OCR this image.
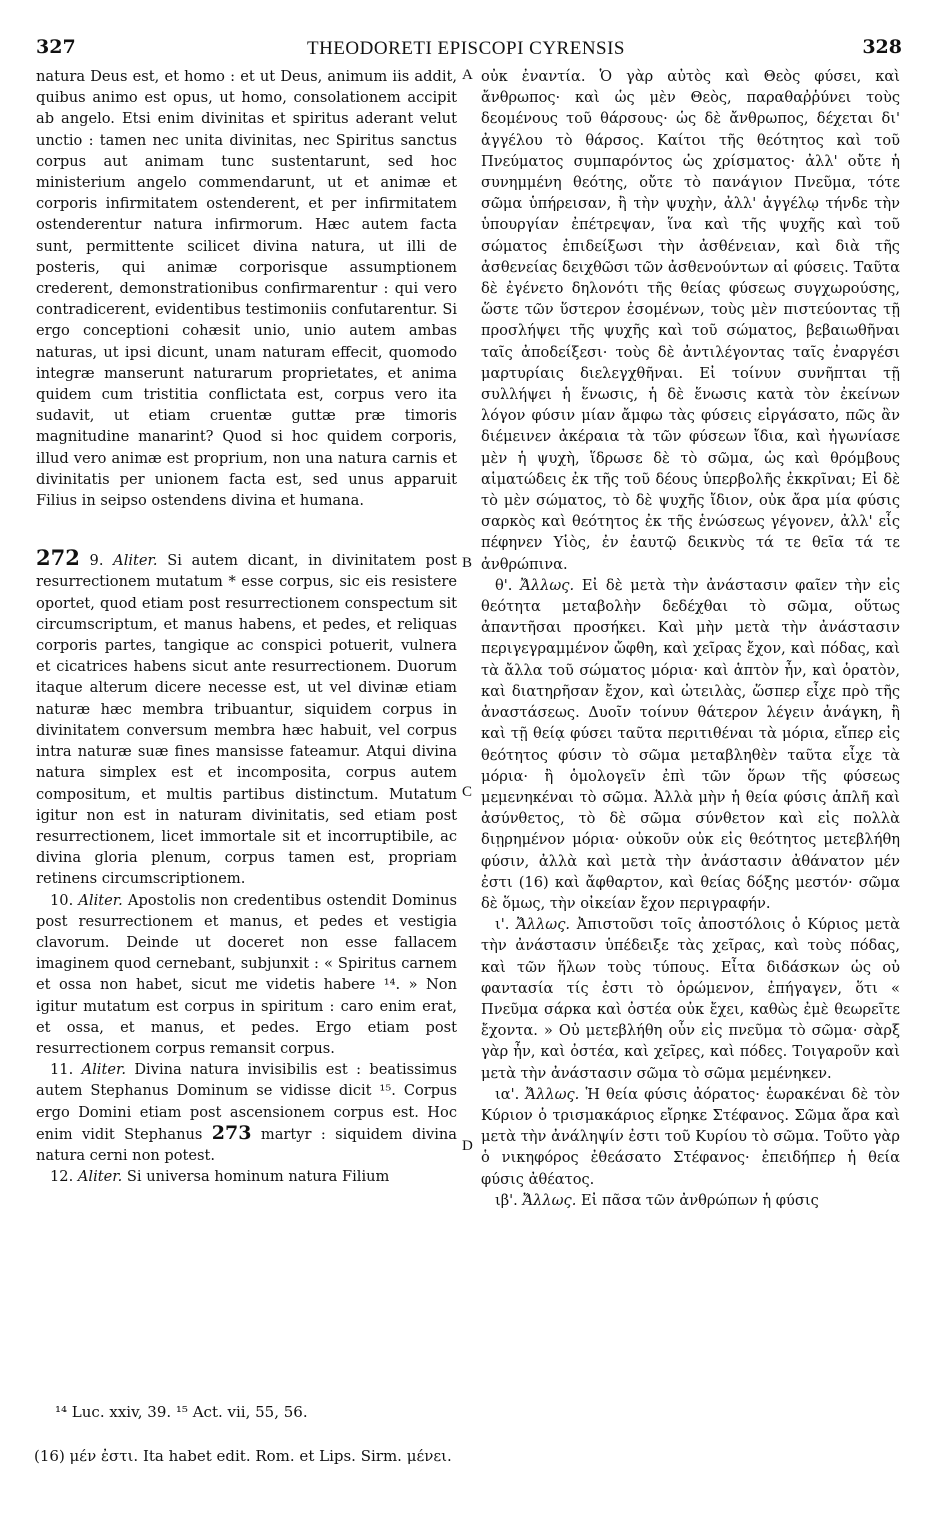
327	THEODORETI EPISCOPI CYRENSIS	328
A
B
C
D

natura Deus est, et homo : et ut Deus, animum iis addit, quibus animo est opus, ut homo, consolationem accipit ab angelo. Etsi enim divinitas et spiritus aderant velut unctio : tamen nec unita divinitas, nec Spiritus sanctus corpus aut animam tunc sustentarunt, sed hoc ministerium angelo commendarunt, ut et animæ et corporis infirmitatem ostenderent, et per infirmitatem ostenderentur natura infirmorum. Hæc autem facta sunt, permittente scilicet divina natura, ut illi de posteris, qui animæ corporisque assumptionem crederent, demonstrationibus confirmarentur : qui vero contradicerent, evidentibus testimoniis confutarentur. Si ergo conceptioni cohæsit unio, unio autem ambas naturas, ut ipsi dicunt, unam naturam effecit, quomodo integræ manserunt naturarum proprietates, et anima quidem cum tristitia conflictata est, corpus vero ita sudavit, ut etiam cruentæ guttæ præ timoris magnitudine manarint? Quod si hoc quidem corporis, illud vero animæ est proprium, non una natura carnis et divinitatis per unionem facta est, sed unus apparuit Filius in seipso ostendens divina et humana.

272 9. Aliter. Si autem dicant, in divinitatem post resurrectionem mutatum * esse corpus, sic eis resistere oportet, quod etiam post resurrectionem conspectum sit circumscriptum, et manus habens, et pedes, et reliquas corporis partes, tangique ac conspici potuerit, vulnera et cicatrices habens sicut ante resurrectionem. Duorum itaque alterum dicere necesse est, ut vel divinæ etiam naturæ hæc membra tribuantur, siquidem corpus in divinitatem conversum membra hæc habuit, vel corpus intra naturæ suæ fines mansisse fateamur. Atqui divina natura simplex est et incomposita, corpus autem compositum, et multis partibus distinctum. Mutatum igitur non est in naturam divinitatis, sed etiam post resurrectionem, licet immortale sit et incorruptibile, ac divina gloria plenum, corpus tamen est, propriam retinens circumscriptionem.

10. Aliter. Apostolis non credentibus ostendit Dominus post resurrectionem et manus, et pedes et vestigia clavorum. Deinde ut doceret non esse fallacem imaginem quod cernebant, subjunxit : « Spiritus carnem et ossa non habet, sicut me videtis habere ¹⁴. » Non igitur mutatum est corpus in spiritum : caro enim erat, et ossa, et manus, et pedes. Ergo etiam post resurrectionem corpus remansit corpus.

11. Aliter. Divina natura invisibilis est : beatissimus autem Stephanus Dominum se vidisse dicit ¹⁵. Corpus ergo Domini etiam post ascensionem corpus est. Hoc enim vidit Stephanus 273 martyr : siquidem divina natura cerni non potest.

12. Aliter. Si universa hominum natura Filium

οὐκ ἐναντία. Ὁ γὰρ αὐτὸς καὶ Θεὸς φύσει, καὶ ἄνθρωπος· καὶ ὡς μὲν Θεὸς, παραθαῤῥύνει τοὺς δεομένους τοῦ θάρσους· ὡς δὲ ἄνθρωπος, δέχεται δι' ἀγγέλου τὸ θάρσος. Καίτοι τῆς θεότητος καὶ τοῦ Πνεύματος συμπαρόντος ὡς χρίσματος· ἀλλ' οὔτε ἡ συνημμένη θεότης, οὔτε τὸ πανάγιον Πνεῦμα, τότε σῶμα ὑπήρεισαν, ἢ τὴν ψυχὴν, ἀλλ' ἀγγέλῳ τήνδε τὴν ὑπουργίαν ἐπέτρεψαν, ἵνα καὶ τῆς ψυχῆς καὶ τοῦ σώματος ἐπιδείξωσι τὴν ἀσθένειαν, καὶ διὰ τῆς ἀσθενείας δειχθῶσι τῶν ἀσθενούντων αἱ φύσεις. Ταῦτα δὲ ἐγένετο δηλονότι τῆς θείας φύσεως συγχωρούσης, ὥστε τῶν ὕστερον ἐσομένων, τοὺς μὲν πιστεύοντας τῇ προσλήψει τῆς ψυχῆς καὶ τοῦ σώματος, βεβαιωθῆναι ταῖς ἀποδείξεσι· τοὺς δὲ ἀντιλέγοντας ταῖς ἐναργέσι μαρτυρίαις διελεγχθῆναι. Εἰ τοίνυν συνῆπται τῇ συλλήψει ἡ ἕνωσις, ἡ δὲ ἕνωσις κατὰ τὸν ἐκείνων λόγον φύσιν μίαν ἄμφω τὰς φύσεις εἰργάσατο, πῶς ἂν διέμεινεν ἀκέραια τὰ τῶν φύσεων ἴδια, καὶ ἠγωνίασε μὲν ἡ ψυχὴ, ἵδρωσε δὲ τὸ σῶμα, ὡς καὶ θρόμβους αἱματώδεις ἐκ τῆς τοῦ δέους ὑπερβολῆς ἐκκρῖναι; Εἰ δὲ τὸ μὲν σώματος, τὸ δὲ ψυχῆς ἴδιον, οὐκ ἄρα μία φύσις σαρκὸς καὶ θεότητος ἐκ τῆς ἑνώσεως γέγονεν, ἀλλ' εἷς πέφηνεν Υἱὸς, ἐν ἑαυτῷ δεικνὺς τά τε θεῖα τά τε ἀνθρώπινα.

θ'. Ἄλλως. Εἰ δὲ μετὰ τὴν ἀνάστασιν φαῖεν τὴν εἰς θεότητα μεταβολὴν δεδέχθαι τὸ σῶμα, οὕτως ἀπαντῆσαι προσήκει. Καὶ μὴν μετὰ τὴν ἀνάστασιν περιγεγραμμένον ὤφθη, καὶ χεῖρας ἔχον, καὶ πόδας, καὶ τὰ ἄλλα τοῦ σώματος μόρια· καὶ ἁπτὸν ἦν, καὶ ὁρατὸν, καὶ διατηρῆσαν ἔχον, καὶ ὠτειλὰς, ὥσπερ εἶχε πρὸ τῆς ἀναστάσεως. Δυοῖν τοίνυν θάτερον λέγειν ἀνάγκη, ἢ καὶ τῇ θείᾳ φύσει ταῦτα περιτιθέναι τὰ μόρια, εἴπερ εἰς θεότητος φύσιν τὸ σῶμα μεταβληθὲν ταῦτα εἶχε τὰ μόρια· ἢ ὁμολογεῖν ἐπὶ τῶν ὅρων τῆς φύσεως μεμενηκέναι τὸ σῶμα. Ἀλλὰ μὴν ἡ θεία φύσις ἁπλῆ καὶ ἀσύνθετος, τὸ δὲ σῶμα σύνθετον καὶ εἰς πολλὰ διῃρημένον μόρια· οὐκοῦν οὐκ εἰς θεότητος μετεβλήθη φύσιν, ἀλλὰ καὶ μετὰ τὴν ἀνάστασιν ἀθάνατον μέν ἐστι (16) καὶ ἄφθαρτον, καὶ θείας δόξης μεστόν· σῶμα δὲ ὅμως, τὴν οἰκείαν ἔχον περιγραφήν.

ι'. Ἄλλως. Ἀπιστοῦσι τοῖς ἀποστόλοις ὁ Κύριος μετὰ τὴν ἀνάστασιν ὑπέδειξε τὰς χεῖρας, καὶ τοὺς πόδας, καὶ τῶν ἥλων τοὺς τύπους. Εἶτα διδάσκων ὡς οὐ φαντασία τίς ἐστι τὸ ὁρώμενον, ἐπήγαγεν, ὅτι « Πνεῦμα σάρκα καὶ ὀστέα οὐκ ἔχει, καθὼς ἐμὲ θεωρεῖτε ἔχοντα. » Οὐ μετεβλήθη οὖν εἰς πνεῦμα τὸ σῶμα· σὰρξ γὰρ ἦν, καὶ ὀστέα, καὶ χεῖρες, καὶ πόδες. Τοιγαροῦν καὶ μετὰ τὴν ἀνάστασιν σῶμα τὸ σῶμα μεμένηκεν.

ια'. Ἄλλως. Ἡ θεία φύσις ἀόρατος· ἑωρακέναι δὲ τὸν Κύριον ὁ τρισμακάριος εἴρηκε Στέφανος. Σῶμα ἄρα καὶ μετὰ τὴν ἀνάληψίν ἐστι τοῦ Κυρίου τὸ σῶμα. Τοῦτο γὰρ ὁ νικηφόρος ἐθεάσατο Στέφανος· ἐπειδήπερ ἡ θεία φύσις ἀθέατος.

ιβ'. Ἄλλως. Εἰ πᾶσα τῶν ἀνθρώπων ἡ φύσις

¹⁴ Luc. xxiv, 39. ¹⁵ Act. vii, 55, 56.
(16) μέν ἐστι. Ita habet edit. Rom. et Lips. Sirm. μένει.
